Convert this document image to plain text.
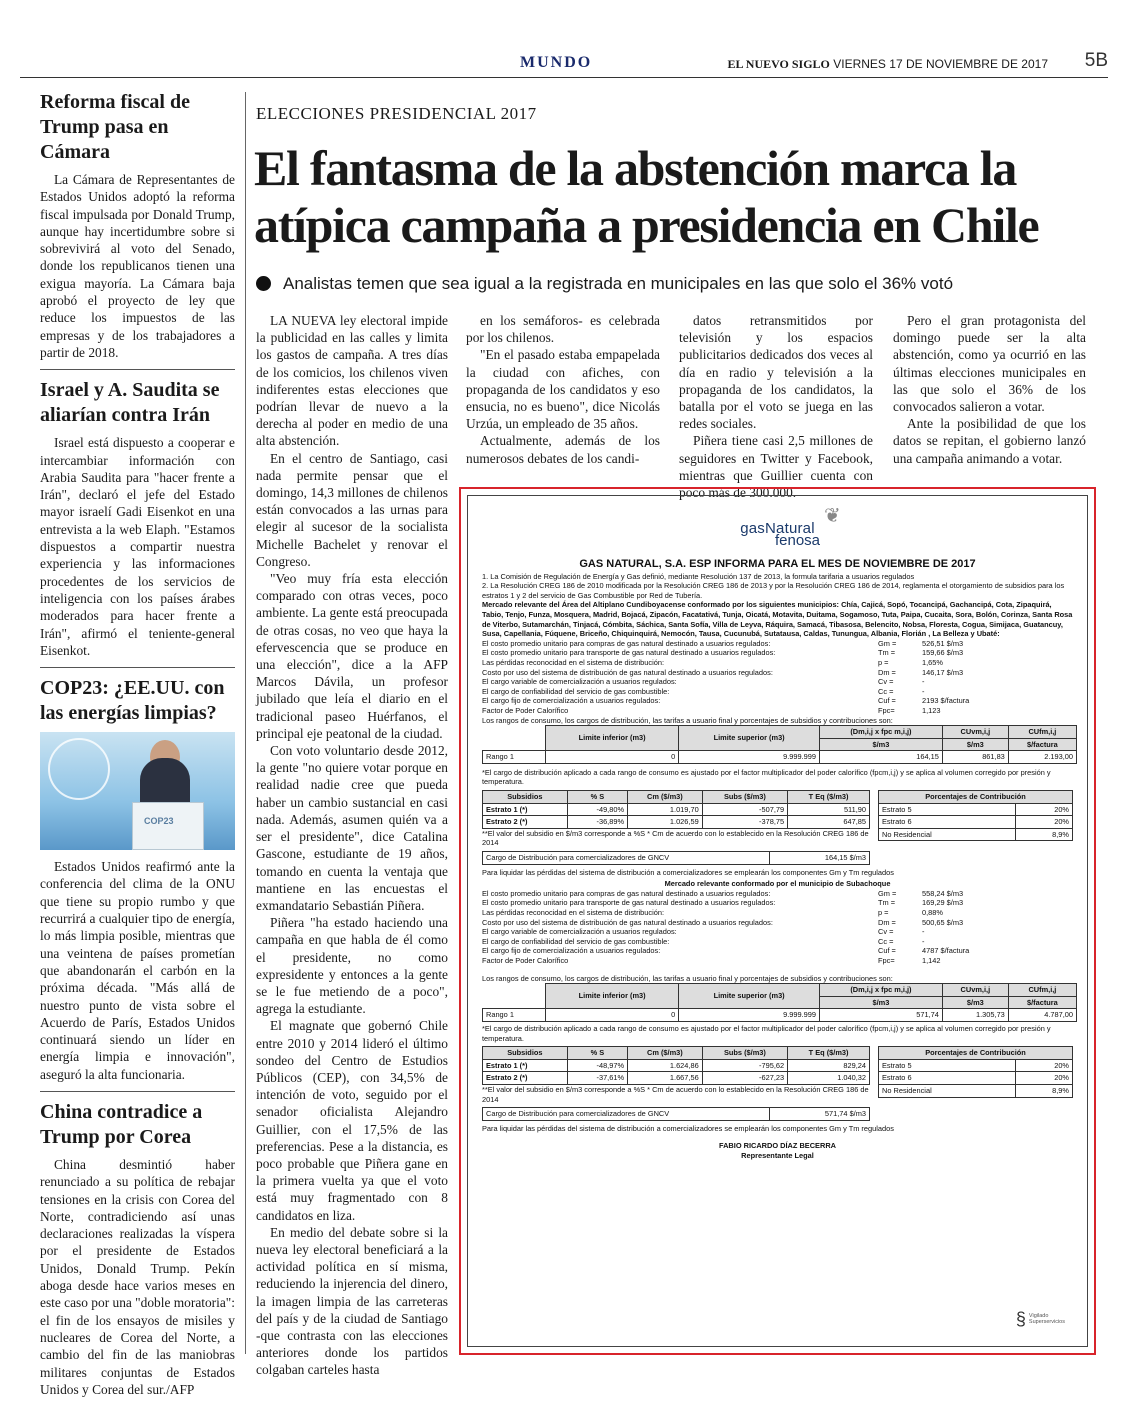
MUNDO	EL NUEVO SIGLO VIERNES 17 DE NOVIEMBRE DE 2017 5B
Reforma fiscal de Trump pasa en Cámara

La Cámara de Representantes de Estados Unidos adoptó la reforma fiscal impulsada por Donald Trump, aunque hay incertidumbre sobre si sobrevivirá al voto del Senado, donde los republicanos tienen una exigua mayoría. La Cámara baja aprobó el proyecto de ley que reduce los impuestos de las empresas y de los trabajadores a partir de 2018.

Israel y A. Saudita se aliarían contra Irán

Israel está dispuesto a cooperar e intercambiar información con Arabia Saudita para "hacer frente a Irán", declaró el jefe del Estado mayor israelí Gadi Eisenkot en una entrevista a la web Elaph. "Estamos dispuestos a compartir nuestra experiencia y las informaciones procedentes de los servicios de inteligencia con los países árabes moderados para hacer frente a Irán", afirmó el teniente-general Eisenkot.

COP23: ¿EE.UU. con las energías limpias?
COP23

Estados Unidos reafirmó ante la conferencia del clima de la ONU que tiene su propio rumbo y que recurrirá a cualquier tipo de energía, lo más limpia posible, mientras que una veintena de países prometían que abandonarán el carbón en la próxima década. "Más allá de nuestro punto de vista sobre el Acuerdo de París, Estados Unidos continuará siendo un líder en energía limpia e innovación", aseguró la alta funcionaria.

China contradice a Trump por Corea

China desmintió haber renunciado a su política de rebajar tensiones en la crisis con Corea del Norte, contradiciendo así unas declaraciones realizadas la víspera por el presidente de Estados Unidos, Donald Trump. Pekín aboga desde hace varios meses en este caso por una "doble moratoria": el fin de los ensayos de misiles y nucleares de Corea del Norte, a cambio del fin de las maniobras militares conjuntas de Estados Unidos y Corea del sur./AFP

ELECCIONES PRESIDENCIAL 2017
El fantasma de la abstención marca la atípica campaña a presidencia en Chile
Analistas temen que sea igual a la registrada en municipales en las que solo el 36% votó

LA NUEVA ley electoral impide la publicidad en las calles y limita los gastos de campaña. A tres días de los comicios, los chilenos viven indiferentes estas elecciones que podrían llevar de nuevo a la derecha al poder en medio de una alta abstención.

En el centro de Santiago, casi nada permite pensar que el domingo, 14,3 millones de chilenos están convocados a las urnas para elegir al sucesor de la socialista Michelle Bachelet y renovar el Congreso.

"Veo muy fría esta elección comparado con otras veces, poco ambiente. La gente está preocupada de otras cosas, no veo que haya la efervescencia que se produce en una elección", dice a la AFP Marcos Dávila, un profesor jubilado que leía el diario en el tradicional paseo Huérfanos, el principal eje peatonal de la ciudad.

Con voto voluntario desde 2012, la gente "no quiere votar porque en realidad nadie cree que pueda haber un cambio sustancial en casi nada. Además, asumen quién va a ser el presidente", dice Catalina Gascone, estudiante de 19 años, tomando en cuenta la ventaja que mantiene en las encuestas el exmandatario Sebastián Piñera.

Piñera "ha estado haciendo una campaña en que habla de él como el presidente, no como expresidente y entonces a la gente se le fue metiendo de a poco", agrega la estudiante.

El magnate que gobernó Chile entre 2010 y 2014 lideró el último sondeo del Centro de Estudios Públicos (CEP), con 34,5% de intención de voto, seguido por el senador oficialista Alejandro Guillier, con el 17,5% de las preferencias. Pese a la distancia, es poco probable que Piñera gane en la primera vuelta ya que el voto está muy fragmentado con 8 candidatos en liza.

En medio del debate sobre si la nueva ley electoral beneficiará a la actividad política en sí misma, reduciendo la injerencia del dinero, la imagen limpia de las carreteras del país y de la ciudad de Santiago -que contrasta con las elecciones anteriores donde los partidos colgaban carteles hasta

en los semáforos- es celebrada por los chilenos.

"En el pasado estaba empapelada la ciudad con afiches, con propaganda de los candidatos y eso ensucia, no es bueno", dice Nicolás Urzúa, un empleado de 35 años.

Actualmente, además de los numerosos debates de los candi-

datos retransmitidos por televisión y los espacios publicitarios dedicados dos veces al día en radio y televisión a la propaganda de los candidatos, la batalla por el voto se juega en las redes sociales.

Piñera tiene casi 2,5 millones de seguidores en Twitter y Facebook, mientras que Guillier cuenta con poco más de 300.000.

Pero el gran protagonista del domingo puede ser la alta abstención, como ya ocurrió en las últimas elecciones municipales en las que solo el 36% de los convocados salieron a votar.

Ante la posibilidad de que los datos se repitan, el gobierno lanzó una campaña animando a votar.

❦
gasNatural
fenosa
GAS NATURAL, S.A. ESP INFORMA PARA EL MES DE NOVIEMBRE DE 2017
1. La Comisión de Regulación de Energía y Gas definió, mediante Resolución 137 de 2013, la formula tarifaria a usuarios regulados
2. La Resolución CREG 186 de 2010 modificada por la Resolución CREG 186 de 2013 y por la Resolución CREG 186 de 2014, reglamenta el otorgamiento de subsidios para los estratos 1 y 2 del servicio de Gas Combustible por Red de Tubería.
Mercado relevante del Área del Altiplano Cundiboyacense conformado por los siguientes municipios: Chía, Cajicá, Sopó, Tocancipá, Gachancipá, Cota, Zipaquirá, Tabio, Tenjo, Funza, Mosquera, Madrid, Bojacá, Zipacón, Facatativá, Tunja, Oicatá, Motavita, Duitama, Sogamoso, Tuta, Paipa, Cucaita, Sora, Bolón, Corinza, Santa Rosa de Viterbo, Sutamarchán, Tinjacá, Cómbita, Sáchica, Santa Sofía, Villa de Leyva, Ráquira, Samacá, Tibasosa, Belencito, Nobsa, Floresta, Cogua, Simijaca, Guatancuy, Susa, Capellania, Fúquene, Briceño, Chiquinquirá, Nemocón, Tausa, Cucunubá, Sutatausa, Caldas, Tunungua, Albania, Florián , La Belleza y Ubaté:
El costo promedio unitario para compras de gas natural destinado a usuarios regulados:	Gm =	526,51 $/m3
El costo promedio unitario para transporte de gas natural destinado a usuarios regulados:	Tm =	159,66 $/m3
Las pérdidas reconocidad en el sistema de distribución:	p =	1,65%
Costo por uso del sistema de distribución de gas natural destinado a usuarios regulados:	Dm =	146,17 $/m3
El cargo variable de comercialización a usuarios regulados:	Cv =	-
El cargo de confiabilidad del servicio de gas combustible:	Cc =	-
El cargo fijo de comercialización a usuarios regulados:	Cuf =	2193 $/factura
Factor de Poder Calorífico	Fpc=	1,123
Los rangos de consumo, los cargos de distribución, las tarifas a usuario final y porcentajes de subsidios y contribuciones son:
	Limite inferior (m3)	Limite superior (m3)	(Dm,i,j x fpc m,i,j)	CUvm,i,j	CUfm,i,j
			$/m3	$/m3	$/factura
Rango 1	0	9.999.999	164,15	861,83	2.193,00
*El cargo de distribución aplicado a cada rango de consumo es ajustado por el factor multiplicador del poder calorífico (fpcm,i,j) y se aplica al volumen corregido por presión y temperatura.
Subsidios	% S	Cm ($/m3)	Subs ($/m3)	T Eq ($/m3)
Estrato 1 (*)	-49,80%	1.019,70	-507,79	511,90
Estrato 2 (*)	-36,89%	1.026,59	-378,75	647,85
**El valor del subsidio en $/m3 corresponde a %S * Cm de acuerdo con lo establecido en la Resolución CREG 186 de 2014
Porcentajes de Contribución	
Estrato 5	20%
Estrato 6	20%
No Residencial	8,9%
Cargo de Distribución para comercializadores de GNCV	164,15 $/m3
Para liquidar las pérdidas del sistema de distribución a comercializadores se emplearán los componentes Gm y Tm regulados
Mercado relevante conformado por el municipio de Subachoque
El costo promedio unitario para compras de gas natural destinado a usuarios regulados:	Gm =	558,24 $/m3
El costo promedio unitario para transporte de gas natural destinado a usuarios regulados:	Tm =	169,29 $/m3
Las pérdidas reconocidad en el sistema de distribución:	p =	0,88%
Costo por uso del sistema de distribución de gas natural destinado a usuarios regulados:	Dm =	500,65 $/m3
El cargo variable de comercialización a usuarios regulados:	Cv =	-
El cargo de confiabilidad del servicio de gas combustible:	Cc =	-
El cargo fijo de comercialización a usuarios regulados:	Cuf =	4787 $/factura
Factor de Poder Calorífico	Fpc=	1,142
Los rangos de consumo, los cargos de distribución, las tarifas a usuario final y porcentajes de subsidios y contribuciones son:
	Limite inferior (m3)	Limite superior (m3)	(Dm,i,j x fpc m,i,j)	CUvm,i,j	CUfm,i,j
			$/m3	$/m3	$/factura
Rango 1	0	9.999.999	571,74	1.305,73	4.787,00
*El cargo de distribución aplicado a cada rango de consumo es ajustado por el factor multiplicador del poder calorífico (fpcm,i,j) y se aplica al volumen corregido por presión y temperatura.
Subsidios	% S	Cm ($/m3)	Subs ($/m3)	T Eq ($/m3)
Estrato 1 (*)	-48,97%	1.624,86	-795,62	829,24
Estrato 2 (*)	-37,61%	1.667,56	-627,23	1.040,32
**El valor del subsidio en $/m3 corresponde a %S * Cm de acuerdo con lo establecido en la Resolución CREG 186 de 2014
Porcentajes de Contribución	
Estrato 5	20%
Estrato 6	20%
No Residencial	8,9%
Cargo de Distribución para comercializadores de GNCV	571,74 $/m3
Para liquidar las pérdidas del sistema de distribución a comercializadores se emplearán los componentes Gm y Tm regulados
FABIO RICARDO DÍAZ BECERRA
Representante Legal
§ Vigilado
Superservicios
